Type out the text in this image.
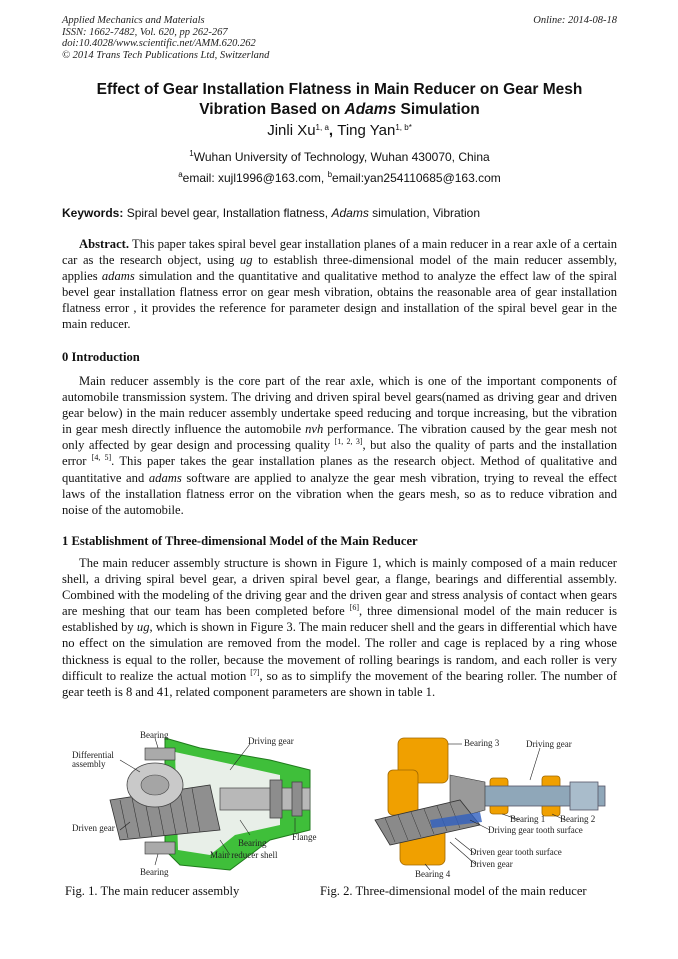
Applied Mechanics and Materials
ISSN: 1662-7482, Vol. 620, pp 262-267
doi:10.4028/www.scientific.net/AMM.620.262
© 2014 Trans Tech Publications Ltd, Switzerland
Online: 2014-08-18
Effect of Gear Installation Flatness in Main Reducer on Gear Mesh
Vibration Based on Adams Simulation
Jinli Xu$^{1, a}$, Ting Yan$^{1, b*}$
$^1$Wuhan University of Technology, Wuhan 430070, China
$^a$email: xujl1996@163.com, $^b$email:yan254110685@163.com
Keywords: Spiral bevel gear, Installation flatness, Adams simulation, Vibration
Abstract. This paper takes spiral bevel gear installation planes of a main reducer in a rear axle of a certain car as the research object, using ug to establish three-dimensional model of the main reducer assembly, applies adams simulation and the quantitative and qualitative method to analyze the effect law of the spiral bevel gear installation flatness error on gear mesh vibration, obtains the reasonable area of gear installation flatness error , it provides the reference for parameter design and installation of the spiral bevel gear in the main reducer.
0 Introduction
Main reducer assembly is the core part of the rear axle, which is one of the important components of automobile transmission system. The driving and driven spiral bevel gears(named as driving gear and driven gear below) in the main reducer assembly undertake speed reducing and torque increasing, but the vibration in gear mesh directly influence the automobile nvh performance. The vibration caused by the gear mesh not only affected by gear design and processing quality [1, 2, 3], but also the quality of parts and the installation error [4, 5]. This paper takes the gear installation planes as the research object. Method of qualitative and quantitative and adams software are applied to analyze the gear mesh vibration, trying to reveal the effect laws of the installation flatness error on the vibration when the gears mesh, so as to reduce vibration and noise of the automobile.
1 Establishment of Three-dimensional Model of the Main Reducer
The main reducer assembly structure is shown in Figure 1, which is mainly composed of a main reducer shell, a driving spiral bevel gear, a driven spiral bevel gear, a flange, bearings and differential assembly. Combined with the modeling of the driving gear and the driven gear and stress analysis of contact when gears are meshing that our team has been completed before [6], three dimensional model of the main reducer is established by ug, which is shown in Figure 3. The main reducer shell and the gears in differential which have no effect on the simulation are removed from the model. The roller and cage is replaced by a ring whose thickness is equal to the roller, because the movement of rolling bearings is random, and each roller is very difficult to realize the actual motion [7], so as to simplify the movement of the bearing roller. The number of gear teeth is 8 and 41, related component parameters are shown in table 1.
Bearing
Differential
assembly
Driving gear
Driven gear
Bearing
Flange
Main reducer shell
Bearing
Fig. 1. The main reducer assembly
Bearing 3	Driving gear
Bearing 1 Bearing 2
Driving gear tooth surface
Driven gear tooth surface
Driven gear
Bearing 4
Fig. 2. Three-dimensional model of the main reducer
